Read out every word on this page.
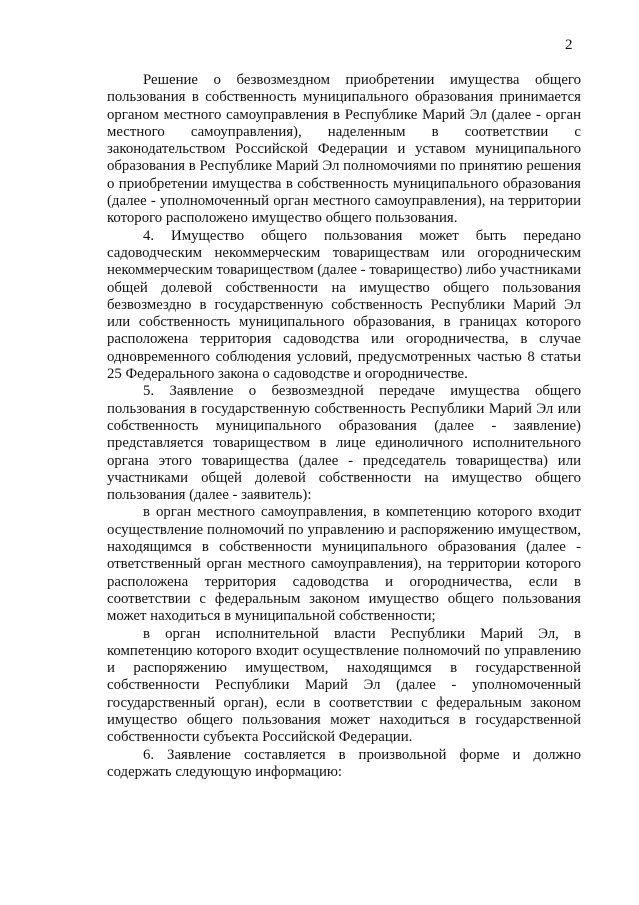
2

Решение о безвозмездном приобретении имущества общего пользования в собственность муниципального образования принимается органом местного самоуправления в Республике Марий Эл (далее - орган местного самоуправления), наделенным в соответствии с законодательством Российской Федерации и уставом муниципального образования в Республике Марий Эл полномочиями по принятию решения о приобретении имущества в собственность муниципального образования (далее - уполномоченный орган местного самоуправления), на территории которого расположено имущество общего пользования.

4. Имущество общего пользования может быть передано садоводческим некоммерческим товариществам или огородническим некоммерческим товариществом (далее - товарищество) либо участниками общей долевой собственности на имущество общего пользования безвозмездно в государственную собственность Республики Марий Эл или собственность муниципального образования, в границах которого расположена территория садоводства или огородничества, в случае одновременного соблюдения условий, предусмотренных частью 8 статьи 25 Федерального закона о садоводстве и огородничестве.

5. Заявление о безвозмездной передаче имущества общего пользования в государственную собственность Республики Марий Эл или собственность муниципального образования (далее - заявление) представляется товариществом в лице единоличного исполнительного органа этого товарищества (далее - председатель товарищества) или участниками общей долевой собственности на имущество общего пользования (далее - заявитель):

в орган местного самоуправления, в компетенцию которого входит осуществление полномочий по управлению и распоряжению имуществом, находящимся в собственности муниципального образования (далее - ответственный орган местного самоуправления), на территории которого расположена территория садоводства и огородничества, если в соответствии с федеральным законом имущество общего пользования может находиться в муниципальной собственности;

в орган исполнительной власти Республики Марий Эл, в компетенцию которого входит осуществление полномочий по управлению и распоряжению имуществом, находящимся в государственной собственности Республики Марий Эл (далее - уполномоченный государственный орган), если в соответствии с федеральным законом имущество общего пользования может находиться в государственной собственности субъекта Российской Федерации.

6. Заявление составляется в произвольной форме и должно содержать следующую информацию:
